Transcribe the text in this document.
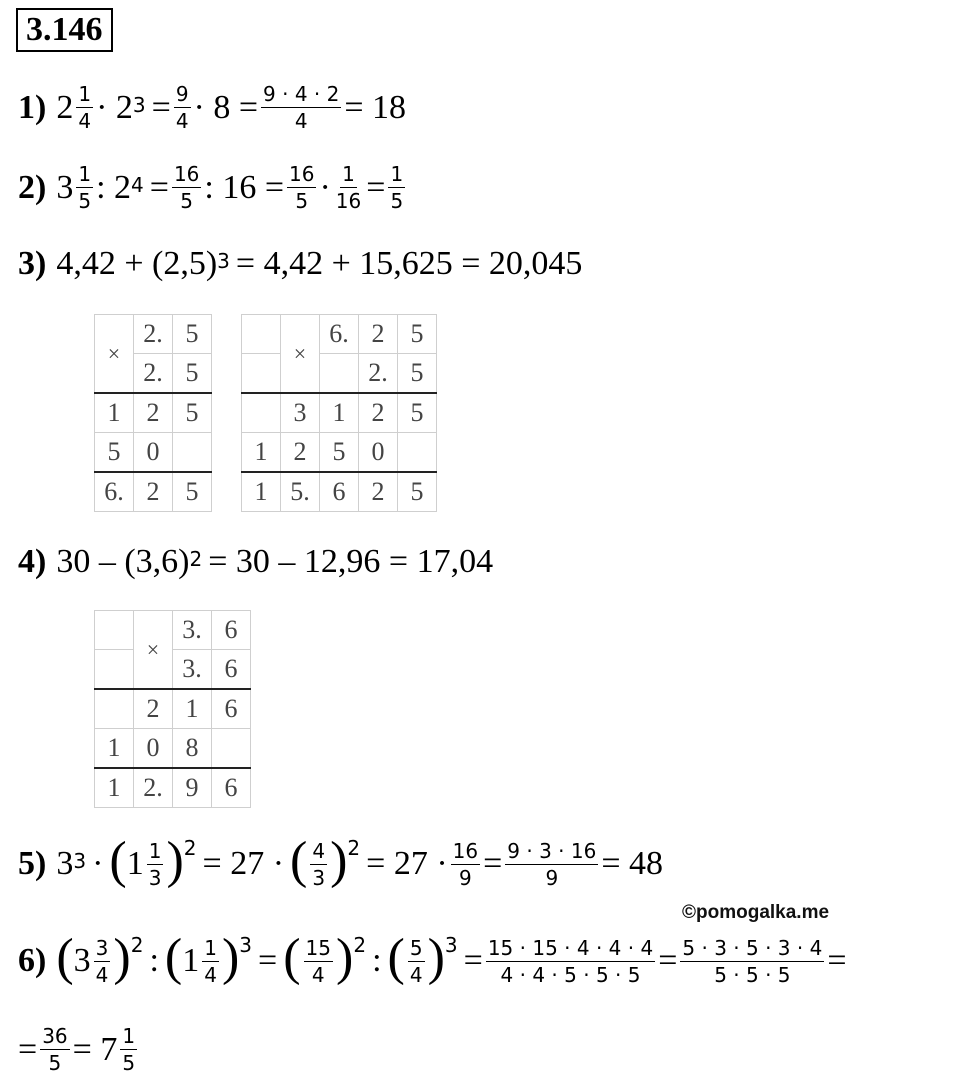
3.146
1) $2 \frac{1}{4} \cdot 2^3 = \frac{9}{4} \cdot 8 = \frac{9 \cdot 4 \cdot 2}{4} = 18$
2) $3 \frac{1}{5}$ : $2^4 = \frac{16}{5}$ : $16 = \frac{16}{5} \cdot \frac{1}{16} = \frac{1}{5}$
3) $4,42 + (2,5)^3 = 4,42 + 15,625 = 20,045$
×	2.	5
	2.	5
1	2	5
5	0	
6.	2	5
	×	6.	2	5
			2.	5
	3	1	2	5
1	2	5	0	
1	5.	6	2	5
4) $30 - (3,6)^2 = 30 - 12,96 = 17,04$
	×	3.	6
		3.	6
	2	1	6
1	0	8	
1	2.	9	6
5) $3^3$ · ( $1 \frac{1}{3} )^2 = 27$ · ( $\frac{4}{3} )^2 = 27 \cdot \frac{16}{9} = \frac{9 \cdot 3 \cdot 16}{9} = 48$
©pomogalka.me
6) ( $3 \frac{3}{4} )^2$ : ( $1 \frac{1}{4} )^3$ = ( $\frac{15}{4} )^2$ : ( $\frac{5}{4} )^3 = \frac{15 \cdot 15 \cdot 4 \cdot 4 \cdot 4}{4 \cdot 4 \cdot 5 \cdot 5 \cdot 5} = \frac{5 \cdot 3 \cdot 5 \cdot 3 \cdot 4}{5 \cdot 5 \cdot 5}$ =
= $\frac{36}{5} = 7 \frac{1}{5}$
